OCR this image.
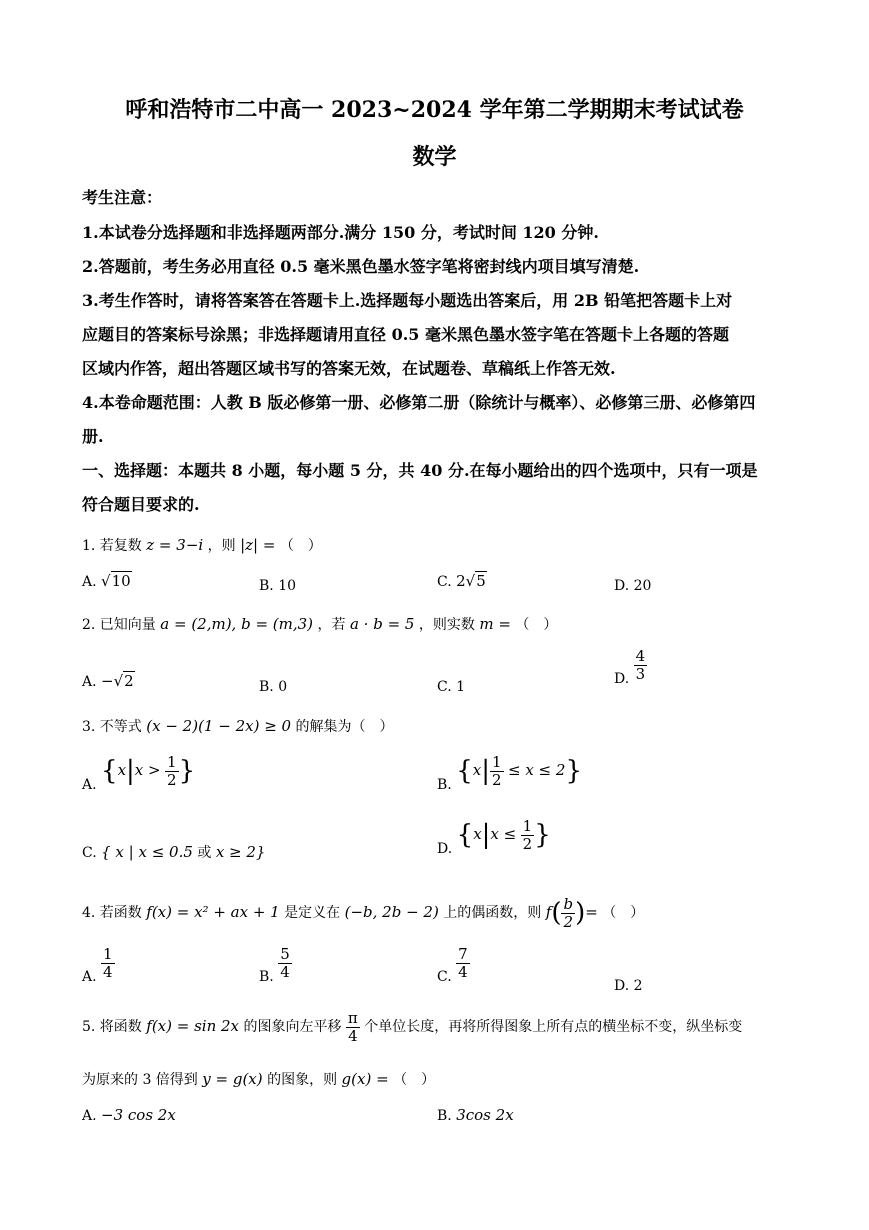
呼和浩特市二中高一 2023~2024 学年第二学期期末考试试卷
数学
考生注意：
1.本试卷分选择题和非选择题两部分.满分 150 分，考试时间 120 分钟.
2.答题前，考生务必用直径 0.5 毫米黑色墨水签字笔将密封线内项目填写清楚.
3.考生作答时，请将答案答在答题卡上.选择题每小题选出答案后，用 2B 铅笔把答题卡上对
应题目的答案标号涂黑；非选择题请用直径 0.5 毫米黑色墨水签字笔在答题卡上各题的答题
区域内作答，超出答题区域书写的答案无效，在试题卷、草稿纸上作答无效.
4.本卷命题范围：人教 B 版必修第一册、必修第二册（除统计与概率）、必修第三册、必修第四
册.
一、选择题：本题共 8 小题，每小题 5 分，共 40 分.在每小题给出的四个选项中，只有一项是
符合题目要求的.
1. 若复数 z = 3−i ，则 |z| = （　）
A. √10	B. 10	C. 2√5	D. 20
2. 已知向量 a = (2,m), b = (m,3) ，若 a · b = 5 ，则实数 m = （　）
A. −√2	B. 0	C. 1	D. $\frac{4}{3}$
3. 不等式 (x − 2)(1 − 2x) ≥ 0 的解集为（　）
A. {$x|x > \frac{1}{2}$ }	B. $\{x| \frac{1}{2} \le x \le 2\}$
C. { x | x ≤ 0.5 或 x ≥ 2}	D. {$x|x \le \frac{1}{2}$ }
4. 若函数 f(x) = x² + ax + 1 是定义在 (−b, 2b − 2) 上的偶函数，则 $f( \frac{b}{2}$ )= （　）
A. $\frac{1}{4}$	B. $\frac{5}{4}$	C. $\frac{7}{4}$
D. 2
5. 将函数 f(x) = sin 2x 的图象向左平移 $\frac{\pi}{4}$ 个单位长度，再将所得图象上所有点的横坐标不变，纵坐标变
为原来的 3 倍得到 y = g(x) 的图象，则 g(x) = （　）
A. −3 cos 2x	B. 3cos 2x
